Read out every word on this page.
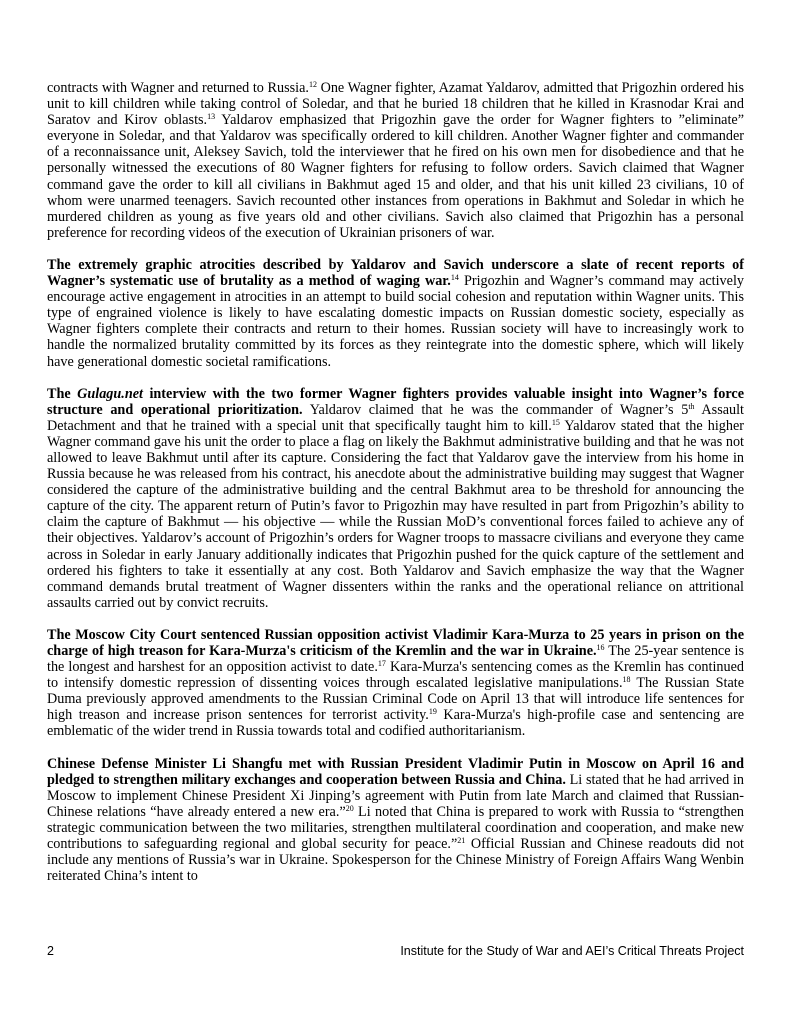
contracts with Wagner and returned to Russia.$^{12}$ One Wagner fighter, Azamat Yaldarov, admitted that Prigozhin ordered his unit to kill children while taking control of Soledar, and that he buried 18 children that he killed in Krasnodar Krai and Saratov and Kirov oblasts.$^{13}$ Yaldarov emphasized that Prigozhin gave the order for Wagner fighters to ”eliminate” everyone in Soledar, and that Yaldarov was specifically ordered to kill children. Another Wagner fighter and commander of a reconnaissance unit, Aleksey Savich, told the interviewer that he fired on his own men for disobedience and that he personally witnessed the executions of 80 Wagner fighters for refusing to follow orders. Savich claimed that Wagner command gave the order to kill all civilians in Bakhmut aged 15 and older, and that his unit killed 23 civilians, 10 of whom were unarmed teenagers. Savich recounted other instances from operations in Bakhmut and Soledar in which he murdered children as young as five years old and other civilians. Savich also claimed that Prigozhin has a personal preference for recording videos of the execution of Ukrainian prisoners of war.

The extremely graphic atrocities described by Yaldarov and Savich underscore a slate of recent reports of Wagner’s systematic use of brutality as a method of waging war.$^{14}$ Prigozhin and Wagner’s command may actively encourage active engagement in atrocities in an attempt to build social cohesion and reputation within Wagner units. This type of engrained violence is likely to have escalating domestic impacts on Russian domestic society, especially as Wagner fighters complete their contracts and return to their homes. Russian society will have to increasingly work to handle the normalized brutality committed by its forces as they reintegrate into the domestic sphere, which will likely have generational domestic societal ramifications.

The Gulagu.net interview with the two former Wagner fighters provides valuable insight into Wagner’s force structure and operational prioritization. Yaldarov claimed that he was the commander of Wagner’s 5th Assault Detachment and that he trained with a special unit that specifically taught him to kill.$^{15}$ Yaldarov stated that the higher Wagner command gave his unit the order to place a flag on likely the Bakhmut administrative building and that he was not allowed to leave Bakhmut until after its capture. Considering the fact that Yaldarov gave the interview from his home in Russia because he was released from his contract, his anecdote about the administrative building may suggest that Wagner considered the capture of the administrative building and the central Bakhmut area to be threshold for announcing the capture of the city. The apparent return of Putin’s favor to Prigozhin may have resulted in part from Prigozhin’s ability to claim the capture of Bakhmut — his objective — while the Russian MoD’s conventional forces failed to achieve any of their objectives. Yaldarov’s account of Prigozhin’s orders for Wagner troops to massacre civilians and everyone they came across in Soledar in early January additionally indicates that Prigozhin pushed for the quick capture of the settlement and ordered his fighters to take it essentially at any cost. Both Yaldarov and Savich emphasize the way that the Wagner command demands brutal treatment of Wagner dissenters within the ranks and the operational reliance on attritional assaults carried out by convict recruits.

The Moscow City Court sentenced Russian opposition activist Vladimir Kara-Murza to 25 years in prison on the charge of high treason for Kara-Murza's criticism of the Kremlin and the war in Ukraine.$^{16}$ The 25-year sentence is the longest and harshest for an opposition activist to date.$^{17}$ Kara-Murza's sentencing comes as the Kremlin has continued to intensify domestic repression of dissenting voices through escalated legislative manipulations.$^{18}$ The Russian State Duma previously approved amendments to the Russian Criminal Code on April 13 that will introduce life sentences for high treason and increase prison sentences for terrorist activity.$^{19}$ Kara-Murza's high-profile case and sentencing are emblematic of the wider trend in Russia towards total and codified authoritarianism.

Chinese Defense Minister Li Shangfu met with Russian President Vladimir Putin in Moscow on April 16 and pledged to strengthen military exchanges and cooperation between Russia and China. Li stated that he had arrived in Moscow to implement Chinese President Xi Jinping’s agreement with Putin from late March and claimed that Russian-Chinese relations “have already entered a new era.”$^{20}$ Li noted that China is prepared to work with Russia to “strengthen strategic communication between the two militaries, strengthen multilateral coordination and cooperation, and make new contributions to safeguarding regional and global security for peace.”$^{21}$ Official Russian and Chinese readouts did not include any mentions of Russia’s war in Ukraine. Spokesperson for the Chinese Ministry of Foreign Affairs Wang Wenbin reiterated China’s intent to

2	Institute for the Study of War and AEI’s Critical Threats Project
